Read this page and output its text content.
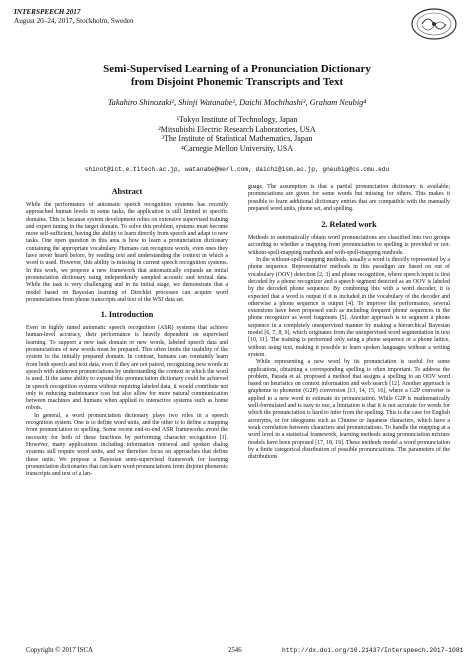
INTERSPEECH 2017
August 20–24, 2017, Stockholm, Sweden
Semi-Supervised Learning of a Pronunciation Dictionary
from Disjoint Phonemic Transcripts and Text
Takahiro Shinozaki¹, Shinji Watanabe², Daichi Mochihashi³, Graham Neubig⁴
¹Tokyo Institute of Technology, Japan
²Mitsubishi Electric Research Laboratories, USA
³The Institute of Statistical Mathematics, Japan
⁴Carnegie Mellon University, USA
shinot@ict.e.titech.ac.jp, watanabe@merl.com, daichi@ism.ac.jp, gneubig@cs.cmu.edu
Abstract

While the performance of automatic speech recognition systems has recently approached human levels in some tasks, the application is still limited to specific domains. This is because system development relies on extensive supervised training and expert tuning in the target domain. To solve this problem, systems must become more self-sufficient, having the ability to learn directly from speech and adapt to new tasks. One open question in this area is how to learn a pronunciation dictionary containing the appropriate vocabulary. Humans can recognize words, even ones they have never heard before, by reading text and understanding the context in which a word is used. However, this ability is missing in current speech recognition systems. In this work, we propose a new framework that automatically expands an initial pronunciation dictionary using independently sampled acoustic and textual data. While the task is very challenging and in its initial stage, we demonstrate that a model based on Bayesian learning of Dirichlet processes can acquire word pronunciations from phone transcripts and text of the WSJ data set.

1. Introduction

Even in highly tuned automatic speech recognition (ASR) systems that achieve human-level accuracy, their performance is heavily dependent on supervised learning. To support a new task domain or new words, labeled speech data and pronunciations of new words must be prepared. This often limits the usability of the system to the initially prepared domain. In contrast, humans can constantly learn from both speech and text data, even if they are not paired, recognizing new words in speech with unknown pronunciations by understanding the context in which the word is used. If the same ability to expand this pronunciation dictionary could be achieved in speech recognition systems without requiring labeled data, it would contribute not only to reducing maintenance cost but also allow for more natural communication between machines and humans when applied to interactive systems such as home robots.

In general, a word pronunciation dictionary plays two roles in a speech recognition system. One is to define word units, and the other is to define a mapping from pronunciation to spelling. Some recent end-to-end ASR frameworks avoid the necessity for both of these functions by performing character recognition [1]. However, many applications including information retrieval and spoken dialog systems still require word units, and we therefore focus on approaches that define these units. We propose a Bayesian semi-supervised framework for learning pronunciation dictionaries that can learn word pronunciations from disjoint phonemic transcripts and text of a lan-

guage. The assumption is that a partial pronunciation dictionary is available; pronunciations are given for some words but missing for others. This makes it possible to learn additional dictionary entries that are compatible with the manually prepared word units, phone set, and spelling.

2. Related work

Methods to automatically obtain word pronunciations are classified into two groups according to whether a mapping from pronunciation to spelling is provided or not: without-spell-mapping methods and with-spell-mapping methods.

In the without-spell-mapping methods, usually a word is directly represented by a phone sequence. Representative methods in this paradigm are based on out of vocabulary (OOV) detection [2, 3] and phone recognition, where speech input is first decoded by a phone recognizer and a speech segment detected as an OOV is labeled by the decoded phone sequence. By combining this with a word decoder, it is expected that a word is output if it is included in the vocabulary of the decoder and otherwise a phone sequence is output [4]. To improve the performance, several extensions have been proposed such as including frequent phone sequences in the phone recognizer as word fragments [5]. Another approach is to segment a phone sequence in a completely unsupervised manner by making a hierarchical Bayesian model [6, 7, 8, 9], which originates from the unsupervised word segmentation in text [10, 11]. The training is performed only using a phone sequence or a phone lattice, without using text, making it possible to learn spoken languages without a writing system.

While representing a new word by its pronunciation is useful for some applications, obtaining a corresponding spelling is often important. To address the problem, Parada et al. proposed a method that assigns a spelling to an OOV word based on heuristics on context information and web search [12]. Another approach is grapheme to phoneme (G2P) conversion [13, 14, 15, 16], where a G2P converter is applied to a new word to estimate its pronunciation. While G2P is mathematically well-formulated and is easy to use, a limitation is that it is not accurate for words for which the pronunciation is hard to infer from the spelling. This is the case for English acronyms, or for ideograms such as Chinese or Japanese characters, which have a weak correlation between characters and pronunciations. To handle the mapping at a word level in a statistical framework, learning methods using pronunciation mixture models have been proposed [17, 18, 19]. These methods model a word pronunciation by a finite categorical distribution of possible pronunciations. The parameters of the distributions

Copyright © 2017 ISCA	2546	http://dx.doi.org/10.21437/Interspeech.2017-1081
